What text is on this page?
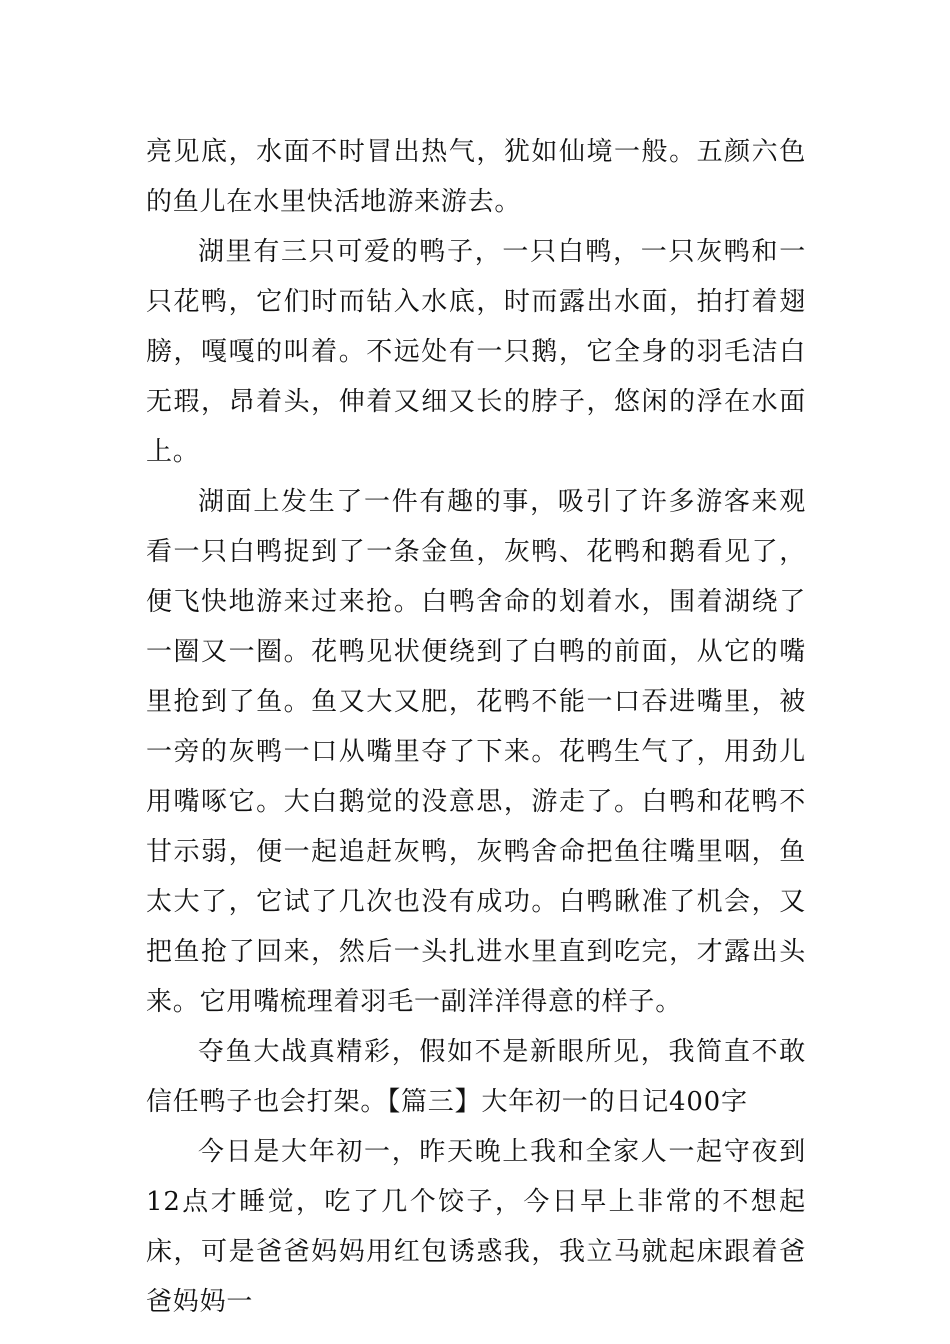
亮见底，水面不时冒出热气，犹如仙境一般。五颜六色的鱼儿在水里快活地游来游去。

湖里有三只可爱的鸭子，一只白鸭，一只灰鸭和一只花鸭，它们时而钻入水底，时而露出水面，拍打着翅膀，嘎嘎的叫着。不远处有一只鹅，它全身的羽毛洁白无瑕，昂着头，伸着又细又长的脖子，悠闲的浮在水面上。

湖面上发生了一件有趣的事，吸引了许多游客来观看一只白鸭捉到了一条金鱼，灰鸭、花鸭和鹅看见了，便飞快地游来过来抢。白鸭舍命的划着水，围着湖绕了一圈又一圈。花鸭见状便绕到了白鸭的前面，从它的嘴里抢到了鱼。鱼又大又肥，花鸭不能一口吞进嘴里，被一旁的灰鸭一口从嘴里夺了下来。花鸭生气了，用劲儿用嘴啄它。大白鹅觉的没意思，游走了。白鸭和花鸭不甘示弱，便一起追赶灰鸭，灰鸭舍命把鱼往嘴里咽，鱼太大了，它试了几次也没有成功。白鸭瞅准了机会，又把鱼抢了回来，然后一头扎进水里直到吃完，才露出头来。它用嘴梳理着羽毛一副洋洋得意的样子。

夺鱼大战真精彩，假如不是新眼所见，我简直不敢信任鸭子也会打架。【篇三】大年初一的日记400字

今日是大年初一，昨天晚上我和全家人一起守夜到12点才睡觉，吃了几个饺子，今日早上非常的不想起床，可是爸爸妈妈用红包诱惑我，我立马就起床跟着爸爸妈妈一
